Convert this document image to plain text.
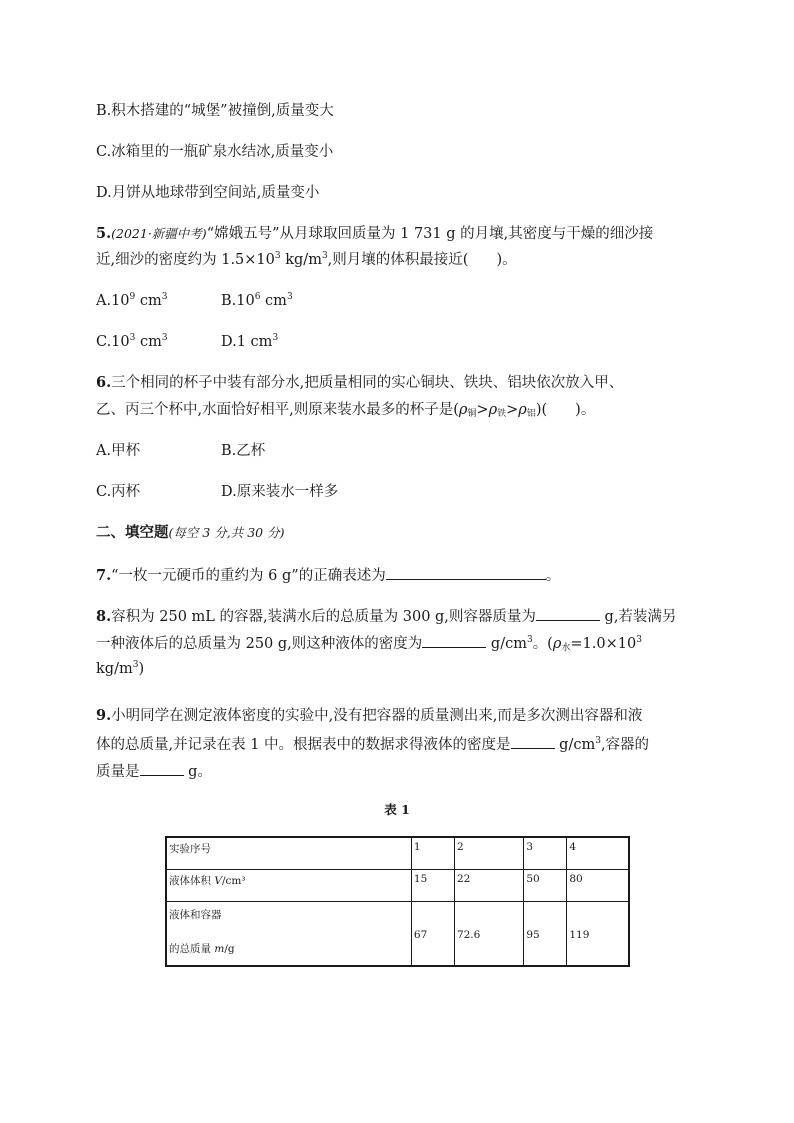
B.积木搭建的“城堡”被撞倒,质量变大
C.冰箱里的一瓶矿泉水结冰,质量变小
D.月饼从地球带到空间站,质量变小
5.(2021·新疆中考)“嫦娥五号”从月球取回质量为 1 731 g 的月壤,其密度与干燥的细沙接
近,细沙的密度约为 $1.5\times 10^3$ $kg/m^3$,则月壤的体积最接近( )。
$A.10^9$ $cm^3$	$B.10^6$ $cm^3$
$C.10^3$ $cm^3$	D.1 $cm^3$
6.三个相同的杯子中装有部分水,把质量相同的实心铜块、铁块、铝块依次放入甲、
乙、丙三个杯中,水面恰好相平,则原来装水最多的杯子是$(\rho_铜>\rho_铁>\rho_铝)$( )。
A.甲杯	B.乙杯
C.丙杯	D.原来装水一样多
二、填空题(每空 3 分,共 30 分)
7.“一枚一元硬币的重约为 6 g”的正确表述为	。
8.容积为 250 mL 的容器,装满水后的总质量为 300 g,则容器质量为	g,若装满另
一种液体后的总质量为 250 g,则这种液体的密度为	$g/cm^3$。($\rho_水=1.0\times 10^3$
$kg/m^3$)
9.小明同学在测定液体密度的实验中,没有把容器的质量测出来,而是多次测出容器和液
体的总质量,并记录在表 1 中。根据表中的数据求得液体的密度是	$g/cm^3$,容器的
质量是	g。
表 1
实验序号	1	2	3	4
液体体积 V/cm³	15	22	50	80

液体和容器
的总质量 m/g	67	72.6	95	119
